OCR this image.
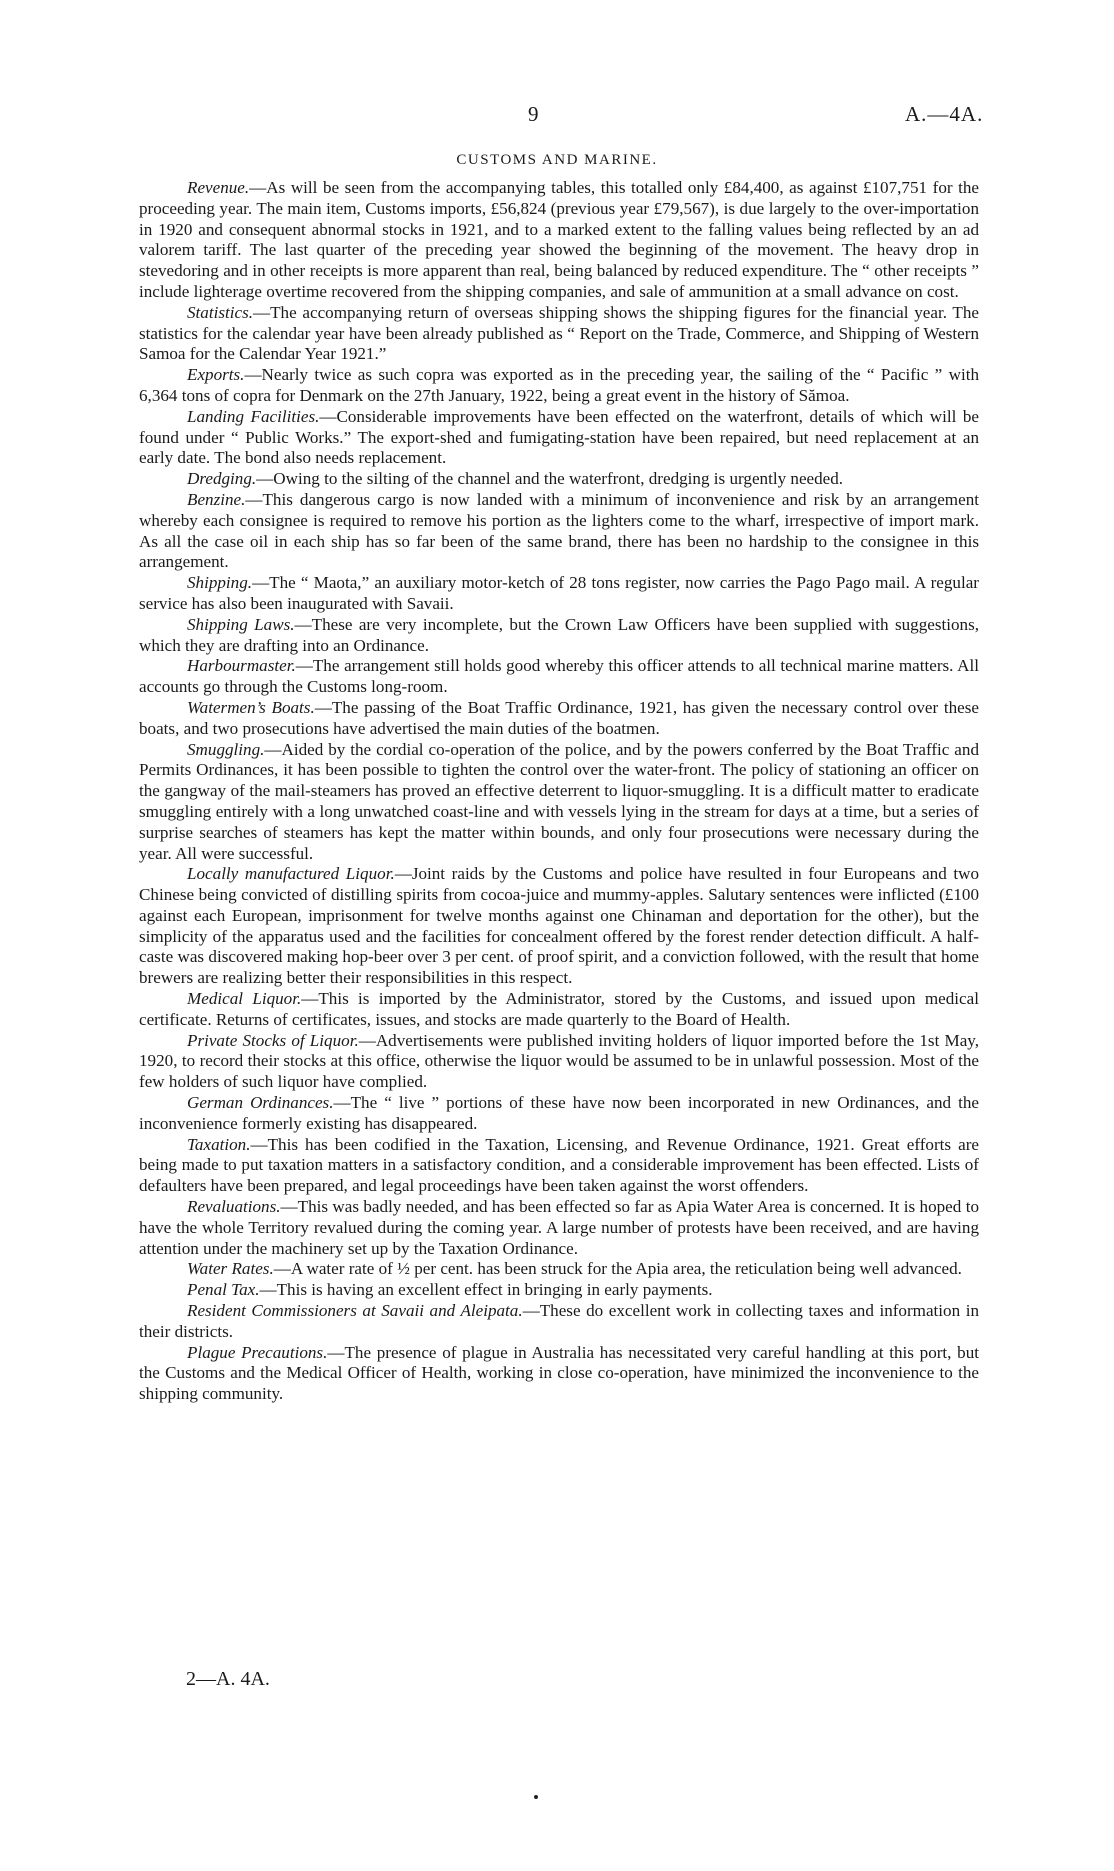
9	A.—4A.
CUSTOMS AND MARINE.

Revenue.—As will be seen from the accompanying tables, this totalled only £84,400, as against £107,751 for the proceeding year. The main item, Customs imports, £56,824 (previous year £79,567), is due largely to the over-importation in 1920 and consequent abnormal stocks in 1921, and to a marked extent to the falling values being reflected by an ad valorem tariff. The last quarter of the preceding year showed the beginning of the movement. The heavy drop in stevedoring and in other receipts is more apparent than real, being balanced by reduced expenditure. The “ other receipts ” include lighterage overtime recovered from the shipping companies, and sale of ammunition at a small advance on cost.

Statistics.—The accompanying return of overseas shipping shows the shipping figures for the financial year. The statistics for the calendar year have been already published as “ Report on the Trade, Commerce, and Shipping of Western Samoa for the Calendar Year 1921.”

Exports.—Nearly twice as such copra was exported as in the preceding year, the sailing of the “ Pacific ” with 6,364 tons of copra for Denmark on the 27th January, 1922, being a great event in the history of Sămoa.

Landing Facilities.—Considerable improvements have been effected on the waterfront, details of which will be found under “ Public Works.” The export-shed and fumigating-station have been repaired, but need replacement at an early date. The bond also needs replacement.

Dredging.—Owing to the silting of the channel and the waterfront, dredging is urgently needed.

Benzine.—This dangerous cargo is now landed with a minimum of inconvenience and risk by an arrangement whereby each consignee is required to remove his portion as the lighters come to the wharf, irrespective of import mark. As all the case oil in each ship has so far been of the same brand, there has been no hardship to the consignee in this arrangement.

Shipping.—The “ Maota,” an auxiliary motor-ketch of 28 tons register, now carries the Pago Pago mail. A regular service has also been inaugurated with Savaii.

Shipping Laws.—These are very incomplete, but the Crown Law Officers have been supplied with suggestions, which they are drafting into an Ordinance.

Harbourmaster.—The arrangement still holds good whereby this officer attends to all technical marine matters. All accounts go through the Customs long-room.

Watermen’s Boats.—The passing of the Boat Traffic Ordinance, 1921, has given the necessary control over these boats, and two prosecutions have advertised the main duties of the boatmen.

Smuggling.—Aided by the cordial co-operation of the police, and by the powers conferred by the Boat Traffic and Permits Ordinances, it has been possible to tighten the control over the water-front. The policy of stationing an officer on the gangway of the mail-steamers has proved an effective deterrent to liquor-smuggling. It is a difficult matter to eradicate smuggling entirely with a long unwatched coast-line and with vessels lying in the stream for days at a time, but a series of surprise searches of steamers has kept the matter within bounds, and only four prosecutions were necessary during the year. All were successful.

Locally manufactured Liquor.—Joint raids by the Customs and police have resulted in four Europeans and two Chinese being convicted of distilling spirits from cocoa-juice and mummy-apples. Salutary sentences were inflicted (£100 against each European, imprisonment for twelve months against one Chinaman and deportation for the other), but the simplicity of the apparatus used and the facilities for concealment offered by the forest render detection difficult. A half-caste was discovered making hop-beer over 3 per cent. of proof spirit, and a conviction followed, with the result that home brewers are realizing better their responsibilities in this respect.

Medical Liquor.—This is imported by the Administrator, stored by the Customs, and issued upon medical certificate. Returns of certificates, issues, and stocks are made quarterly to the Board of Health.

Private Stocks of Liquor.—Advertisements were published inviting holders of liquor imported before the 1st May, 1920, to record their stocks at this office, otherwise the liquor would be assumed to be in unlawful possession. Most of the few holders of such liquor have complied.

German Ordinances.—The “ live ” portions of these have now been incorporated in new Ordinances, and the inconvenience formerly existing has disappeared.

Taxation.—This has been codified in the Taxation, Licensing, and Revenue Ordinance, 1921. Great efforts are being made to put taxation matters in a satisfactory condition, and a considerable improvement has been effected. Lists of defaulters have been prepared, and legal proceedings have been taken against the worst offenders.

Revaluations.—This was badly needed, and has been effected so far as Apia Water Area is concerned. It is hoped to have the whole Territory revalued during the coming year. A large number of protests have been received, and are having attention under the machinery set up by the Taxation Ordinance.

Water Rates.—A water rate of ½ per cent. has been struck for the Apia area, the reticulation being well advanced.

Penal Tax.—This is having an excellent effect in bringing in early payments.

Resident Commissioners at Savaii and Aleipata.—These do excellent work in collecting taxes and information in their districts.

Plague Precautions.—The presence of plague in Australia has necessitated very careful handling at this port, but the Customs and the Medical Officer of Health, working in close co-operation, have minimized the inconvenience to the shipping community.

2—A. 4A.
